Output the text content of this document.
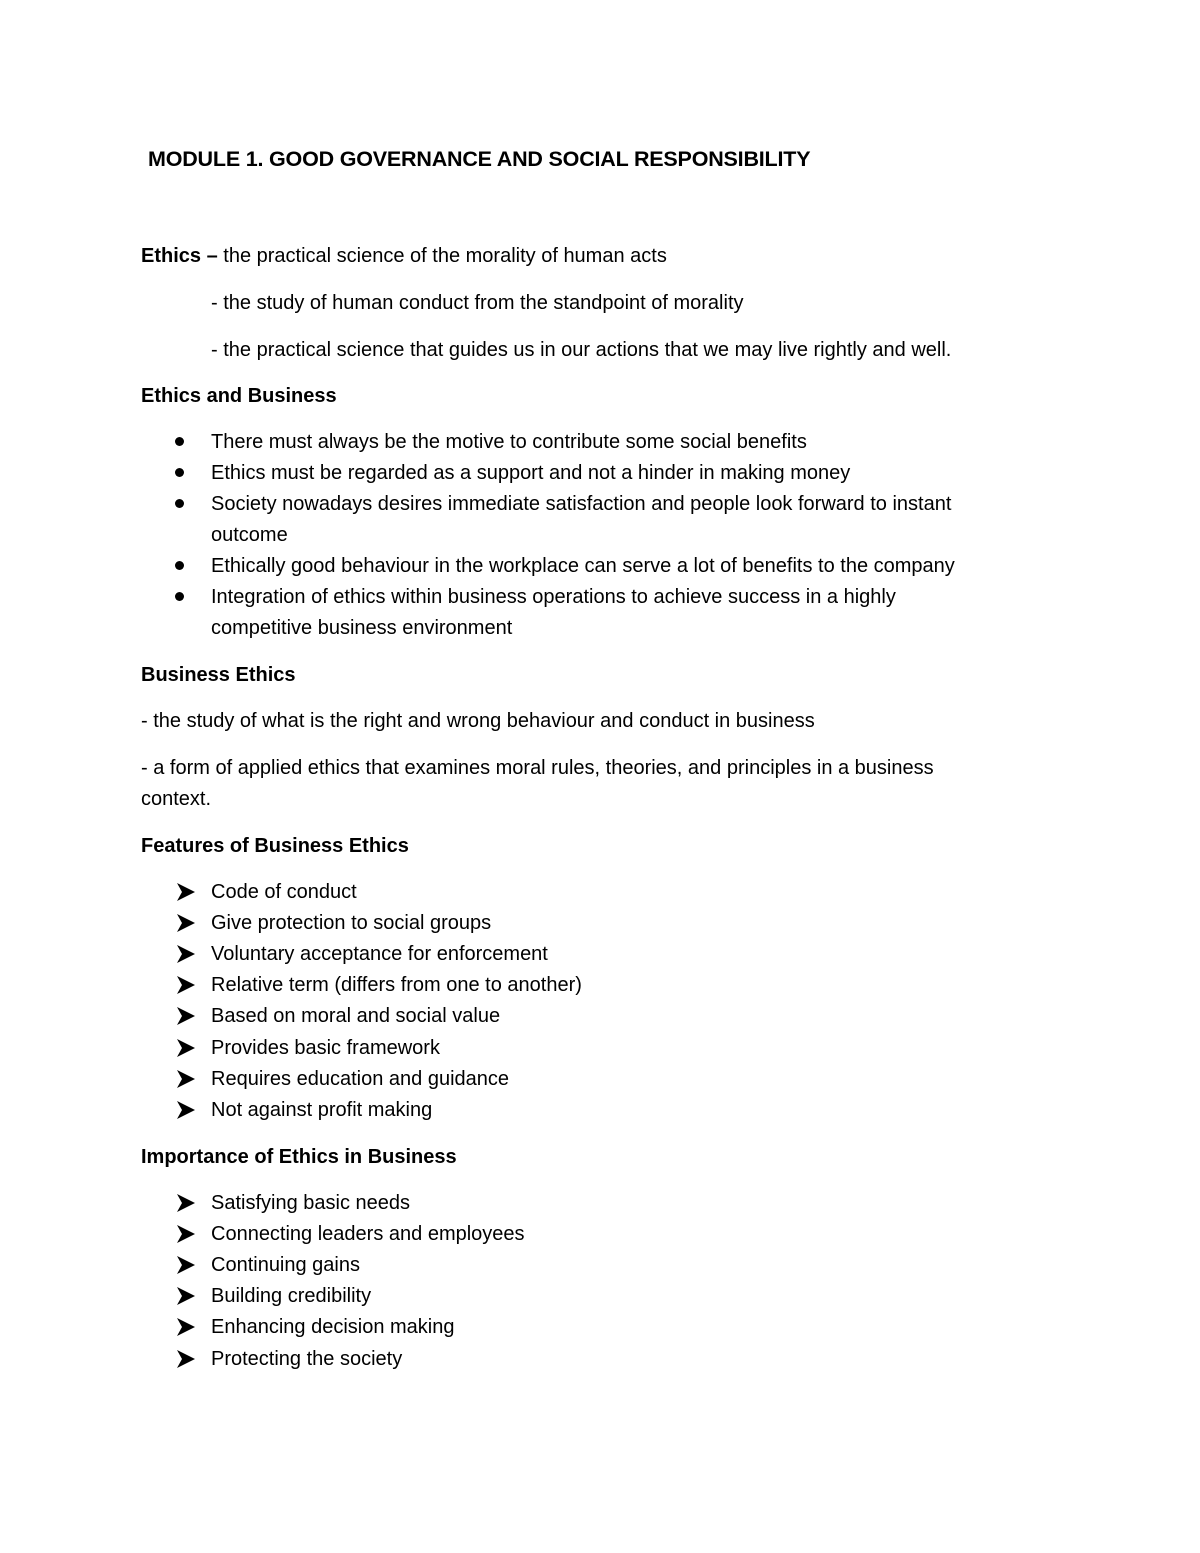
MODULE 1. GOOD GOVERNANCE AND SOCIAL RESPONSIBILITY
Ethics – the practical science of the morality of human acts
- the study of human conduct from the standpoint of morality
- the practical science that guides us in our actions that we may live rightly and well.
Ethics and Business
There must always be the motive to contribute some social benefits
Ethics must be regarded as a support and not a hinder in making money
Society nowadays desires immediate satisfaction and people look forward to instant
outcome
Ethically good behaviour in the workplace can serve a lot of benefits to the company
Integration of ethics within business operations to achieve success in a highly
competitive business environment
Business Ethics
- the study of what is the right and wrong behaviour and conduct in business
- a form of applied ethics that examines moral rules, theories, and principles in a business
context.
Features of Business Ethics
Code of conduct
Give protection to social groups
Voluntary acceptance for enforcement
Relative term (differs from one to another)
Based on moral and social value
Provides basic framework
Requires education and guidance
Not against profit making
Importance of Ethics in Business
Satisfying basic needs
Connecting leaders and employees
Continuing gains
Building credibility
Enhancing decision making
Protecting the society
